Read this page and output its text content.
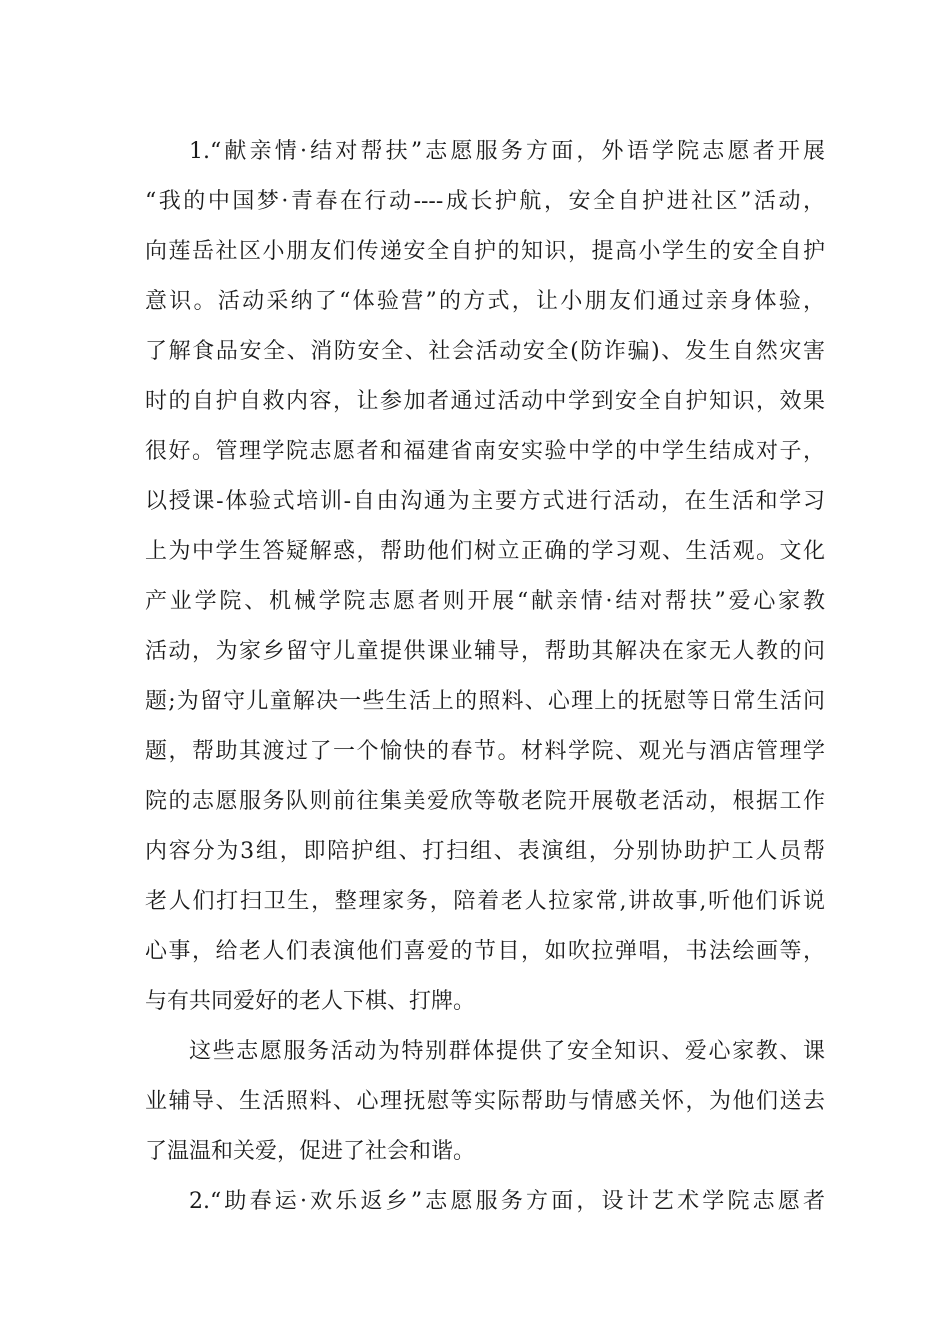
1.“献亲情·结对帮扶”志愿服务方面，外语学院志愿者开展
“我的中国梦·青春在行动----成长护航，安全自护进社区”活动，
向莲岳社区小朋友们传递安全自护的知识，提高小学生的安全自护
意识。活动采纳了“体验营”的方式，让小朋友们通过亲身体验，
了解食品安全、消防安全、社会活动安全(防诈骗)、发生自然灾害
时的自护自救内容，让参加者通过活动中学到安全自护知识，效果
很好。管理学院志愿者和福建省南安实验中学的中学生结成对子，
以授课-体验式培训-自由沟通为主要方式进行活动，在生活和学习
上为中学生答疑解惑，帮助他们树立正确的学习观、生活观。文化
产业学院、机械学院志愿者则开展“献亲情·结对帮扶”爱心家教
活动，为家乡留守儿童提供课业辅导，帮助其解决在家无人教的问
题;为留守儿童解决一些生活上的照料、心理上的抚慰等日常生活问
题，帮助其渡过了一个愉快的春节。材料学院、观光与酒店管理学
院的志愿服务队则前往集美爱欣等敬老院开展敬老活动，根据工作
内容分为3组，即陪护组、打扫组、表演组，分别协助护工人员帮
老人们打扫卫生，整理家务，陪着老人拉家常,讲故事,听他们诉说
心事，给老人们表演他们喜爱的节目，如吹拉弹唱，书法绘画等，
与有共同爱好的老人下棋、打牌。
这些志愿服务活动为特别群体提供了安全知识、爱心家教、课
业辅导、生活照料、心理抚慰等实际帮助与情感关怀，为他们送去
了温温和关爱，促进了社会和谐。
2.“助春运·欢乐返乡”志愿服务方面，设计艺术学院志愿者
